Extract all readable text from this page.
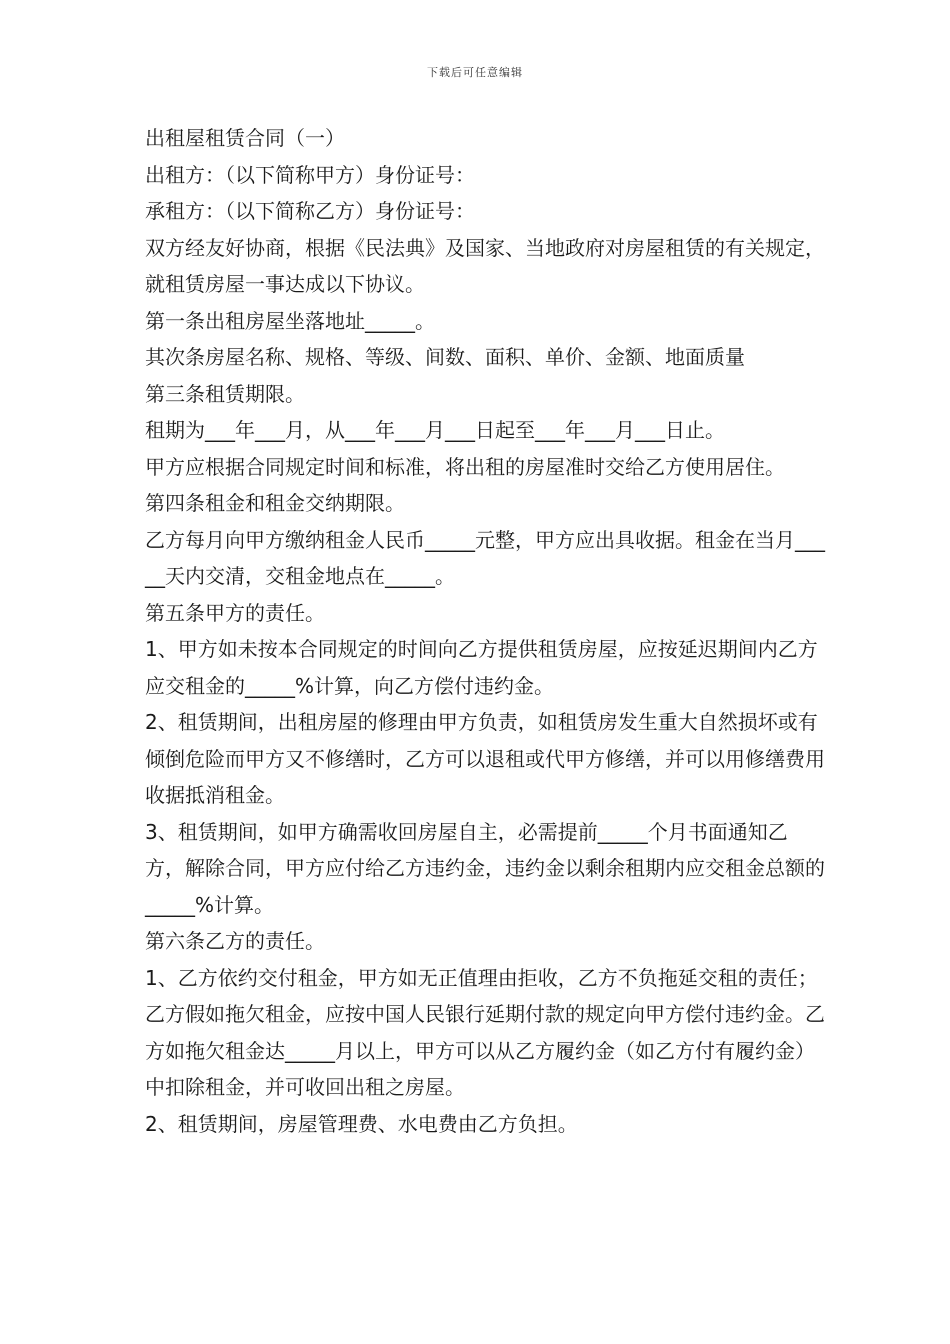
下载后可任意编辑

出租屋租赁合同（一）

出租方：（以下简称甲方）身份证号：

承租方：（以下简称乙方）身份证号：

双方经友好协商，根据《民法典》及国家、当地政府对房屋租赁的有关规定，就租赁房屋一事达成以下协议。

第一条出租房屋坐落地址_____。

其次条房屋名称、规格、等级、间数、面积、单价、金额、地面质量

第三条租赁期限。

租期为___年___月，从___年___月___日起至___年___月___日止。

甲方应根据合同规定时间和标准，将出租的房屋准时交给乙方使用居住。

第四条租金和租金交纳期限。

乙方每月向甲方缴纳租金人民币_____元整，甲方应出具收据。租金在当月_____天内交清，交租金地点在_____。

第五条甲方的责任。

1、甲方如未按本合同规定的时间向乙方提供租赁房屋，应按延迟期间内乙方应交租金的_____%计算，向乙方偿付违约金。

2、租赁期间，出租房屋的修理由甲方负责，如租赁房发生重大自然损坏或有倾倒危险而甲方又不修缮时，乙方可以退租或代甲方修缮，并可以用修缮费用收据抵消租金。

3、租赁期间，如甲方确需收回房屋自主，必需提前_____个月书面通知乙方，解除合同，甲方应付给乙方违约金，违约金以剩余租期内应交租金总额的_____%计算。

第六条乙方的责任。

1、乙方依约交付租金，甲方如无正值理由拒收，乙方不负拖延交租的责任；乙方假如拖欠租金，应按中国人民银行延期付款的规定向甲方偿付违约金。乙方如拖欠租金达_____月以上，甲方可以从乙方履约金（如乙方付有履约金）中扣除租金，并可收回出租之房屋。

2、租赁期间，房屋管理费、水电费由乙方负担。
